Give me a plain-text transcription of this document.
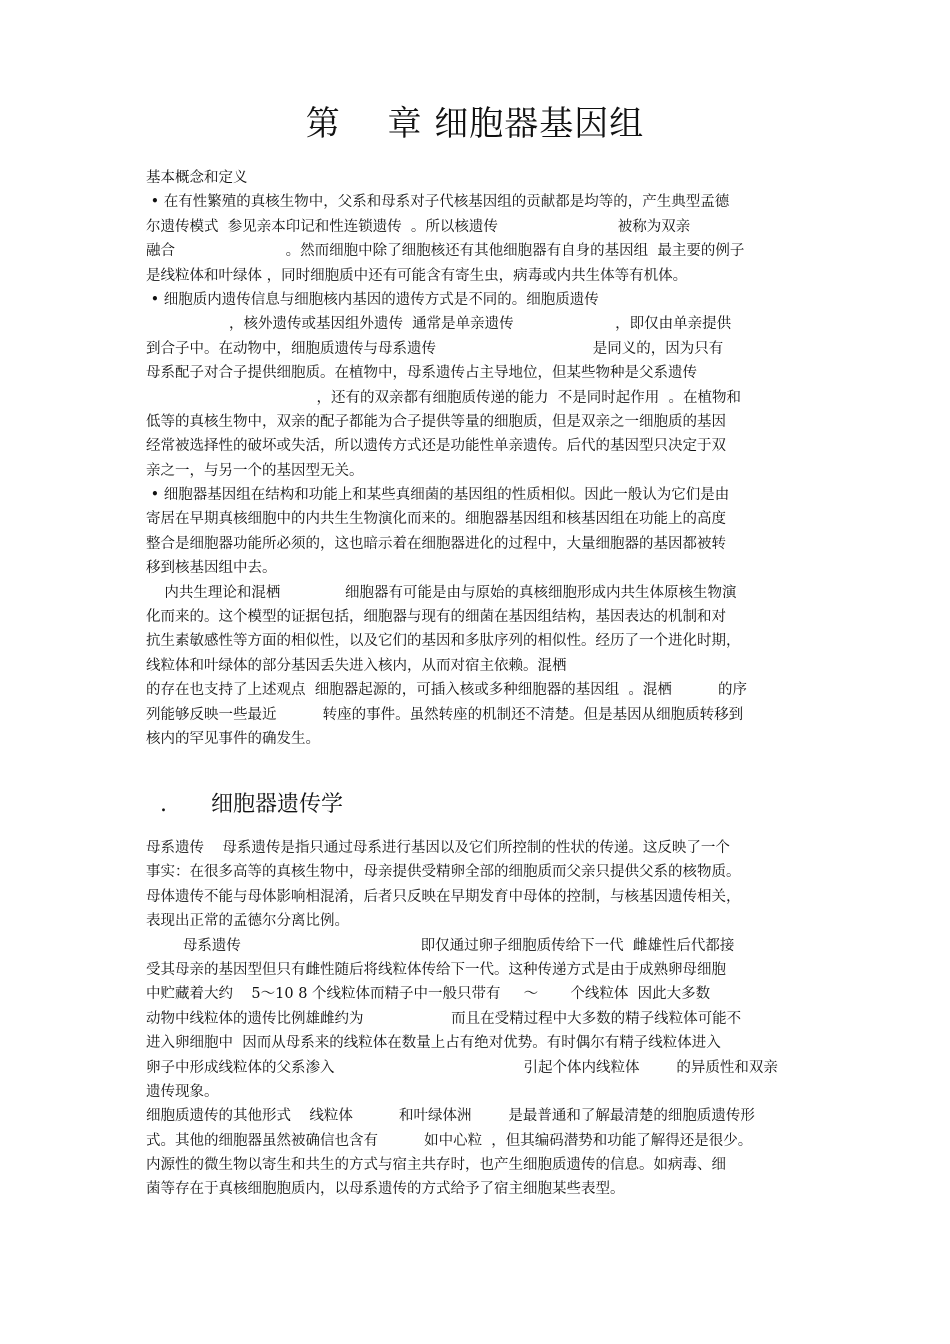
第　 章 细胞器基因组
基本概念和定义
• 在有性繁殖的真核生物中，父系和母系对子代核基因组的贡献都是均等的，产生典型孟德
尔遗传模式  参见亲本印记和性连锁遗传  。所以核遗传                          被称为双亲
融合                        。然而细胞中除了细胞核还有其他细胞器有自身的基因组  最主要的例子
是线粒体和叶绿体 ，同时细胞质中还有可能含有寄生虫，病毒或内共生体等有机体。
• 细胞质内遗传信息与细胞核内基因的遗传方式是不同的。细胞质遗传
，核外遗传或基因组外遗传  通常是单亲遗传                      ，即仅由单亲提供
到合子中。在动物中，细胞质遗传与母系遗传                                  是同义的，因为只有
母系配子对合子提供细胞质。在植物中，母系遗传占主导地位，但某些物种是父系遗传
，还有的双亲都有细胞质传递的能力  不是同时起作用  。在植物和
低等的真核生物中，双亲的配子都能为合子提供等量的细胞质，但是双亲之一细胞质的基因
经常被选择性的破坏或失活，所以遗传方式还是功能性单亲遗传。后代的基因型只决定于双
亲之一，与另一个的基因型无关。
• 细胞器基因组在结构和功能上和某些真细菌的基因组的性质相似。因此一般认为它们是由
寄居在早期真核细胞中的内共生生物演化而来的。细胞器基因组和核基因组在功能上的高度
整合是细胞器功能所必须的，这也暗示着在细胞器进化的过程中，大量细胞器的基因都被转
移到核基因组中去。
内共生理论和混栖              细胞器有可能是由与原始的真核细胞形成内共生体原核生物演
化而来的。这个模型的证据包括，细胞器与现有的细菌在基因组结构，基因表达的机制和对
抗生素敏感性等方面的相似性，以及它们的基因和多肽序列的相似性。经历了一个进化时期，
线粒体和叶绿体的部分基因丢失进入核内，从而对宿主依赖。混栖
的存在也支持了上述观点  细胞器起源的，可插入核或多种细胞器的基因组  。混栖          的序
列能够反映一些最近          转座的事件。虽然转座的机制还不清楚。但是基因从细胞质转移到
核内的罕见事件的确发生。
.　　细胞器遗传学
母系遗传    母系遗传是指只通过母系进行基因以及它们所控制的性状的传递。这反映了一个
事实：在很多高等的真核生物中，母亲提供受精卵全部的细胞质而父亲只提供父系的核物质。
母体遗传不能与母体影响相混淆，后者只反映在早期发育中母体的控制，与核基因遗传相关，
表现出正常的孟德尔分离比例。
母系遗传                                       即仅通过卵子细胞质传给下一代  雌雄性后代都接
受其母亲的基因型但只有雌性随后将线粒体传给下一代。这种传递方式是由于成熟卵母细胞
中贮藏着大约    5～10 8 个线粒体而精子中一般只带有     ～       个线粒体  因此大多数
动物中线粒体的遗传比例雄雌约为                   而且在受精过程中大多数的精子线粒体可能不
进入卵细胞中  因而从母系来的线粒体在数量上占有绝对优势。有时偶尔有精子线粒体进入
卵子中形成线粒体的父系渗入                                         引起个体内线粒体        的异质性和双亲
遗传现象。
细胞质遗传的其他形式    线粒体          和叶绿体洲        是最普通和了解最清楚的细胞质遗传形
式。其他的细胞器虽然被确信也含有          如中心粒  ，但其编码潜势和功能了解得还是很少。
内源性的微生物以寄生和共生的方式与宿主共存时，也产生细胞质遗传的信息。如病毒、细
菌等存在于真核细胞胞质内，以母系遗传的方式给予了宿主细胞某些表型。
